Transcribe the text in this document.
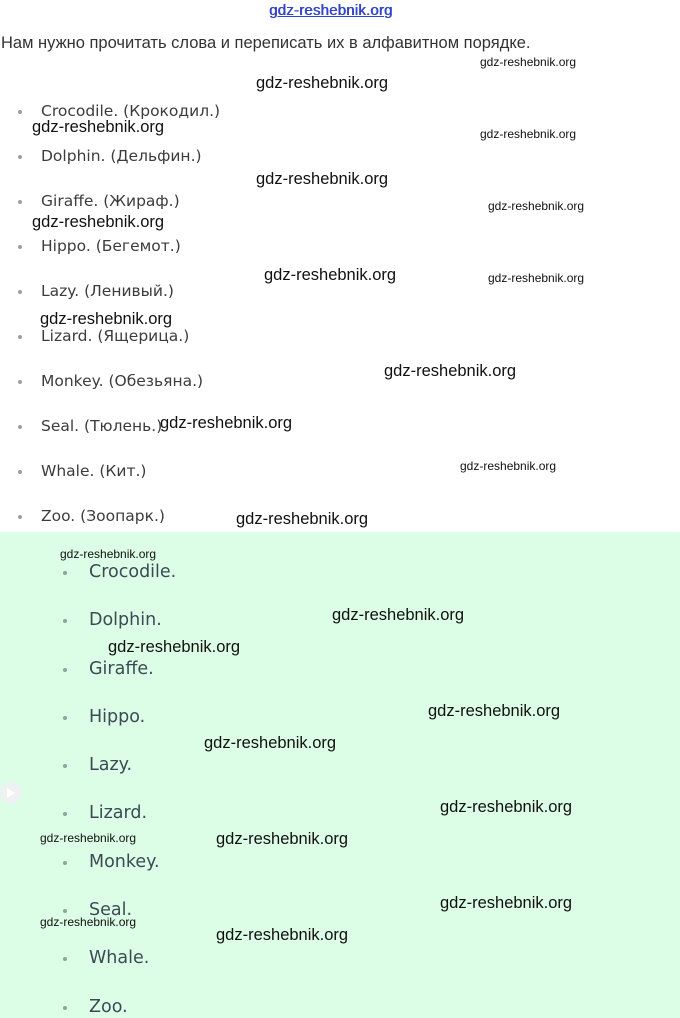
gdz-reshebnik.org
Нам нужно прочитать слова и переписать их в алфавитном порядке.
Crocodile. (Крокодил.)
Dolphin. (Дельфин.)
Giraffe. (Жираф.)
Hippo. (Бегемот.)
Lazy. (Ленивый.)
Lizard. (Ящерица.)
Monkey. (Обезьяна.)
Seal. (Тюлень.)
Whale. (Кит.)
Zoo. (Зоопарк.)
Crocodile.
Dolphin.
Giraffe.
Hippo.
Lazy.
Lizard.
Monkey.
Seal.
Whale.
Zoo.
gdz-reshebnik.org
gdz-reshebnik.org
gdz-reshebnik.org	gdz-reshebnik.org
gdz-reshebnik.org
gdz-reshebnik.org
gdz-reshebnik.org
gdz-reshebnik.org	gdz-reshebnik.org
gdz-reshebnik.org
gdz-reshebnik.org
gdz-reshebnik.org
gdz-reshebnik.org
gdz-reshebnik.org
gdz-reshebnik.org
gdz-reshebnik.org
gdz-reshebnik.org
gdz-reshebnik.org
gdz-reshebnik.org
gdz-reshebnik.org
gdz-reshebnik.org	gdz-reshebnik.org
gdz-reshebnik.org
gdz-reshebnik.org
gdz-reshebnik.org
